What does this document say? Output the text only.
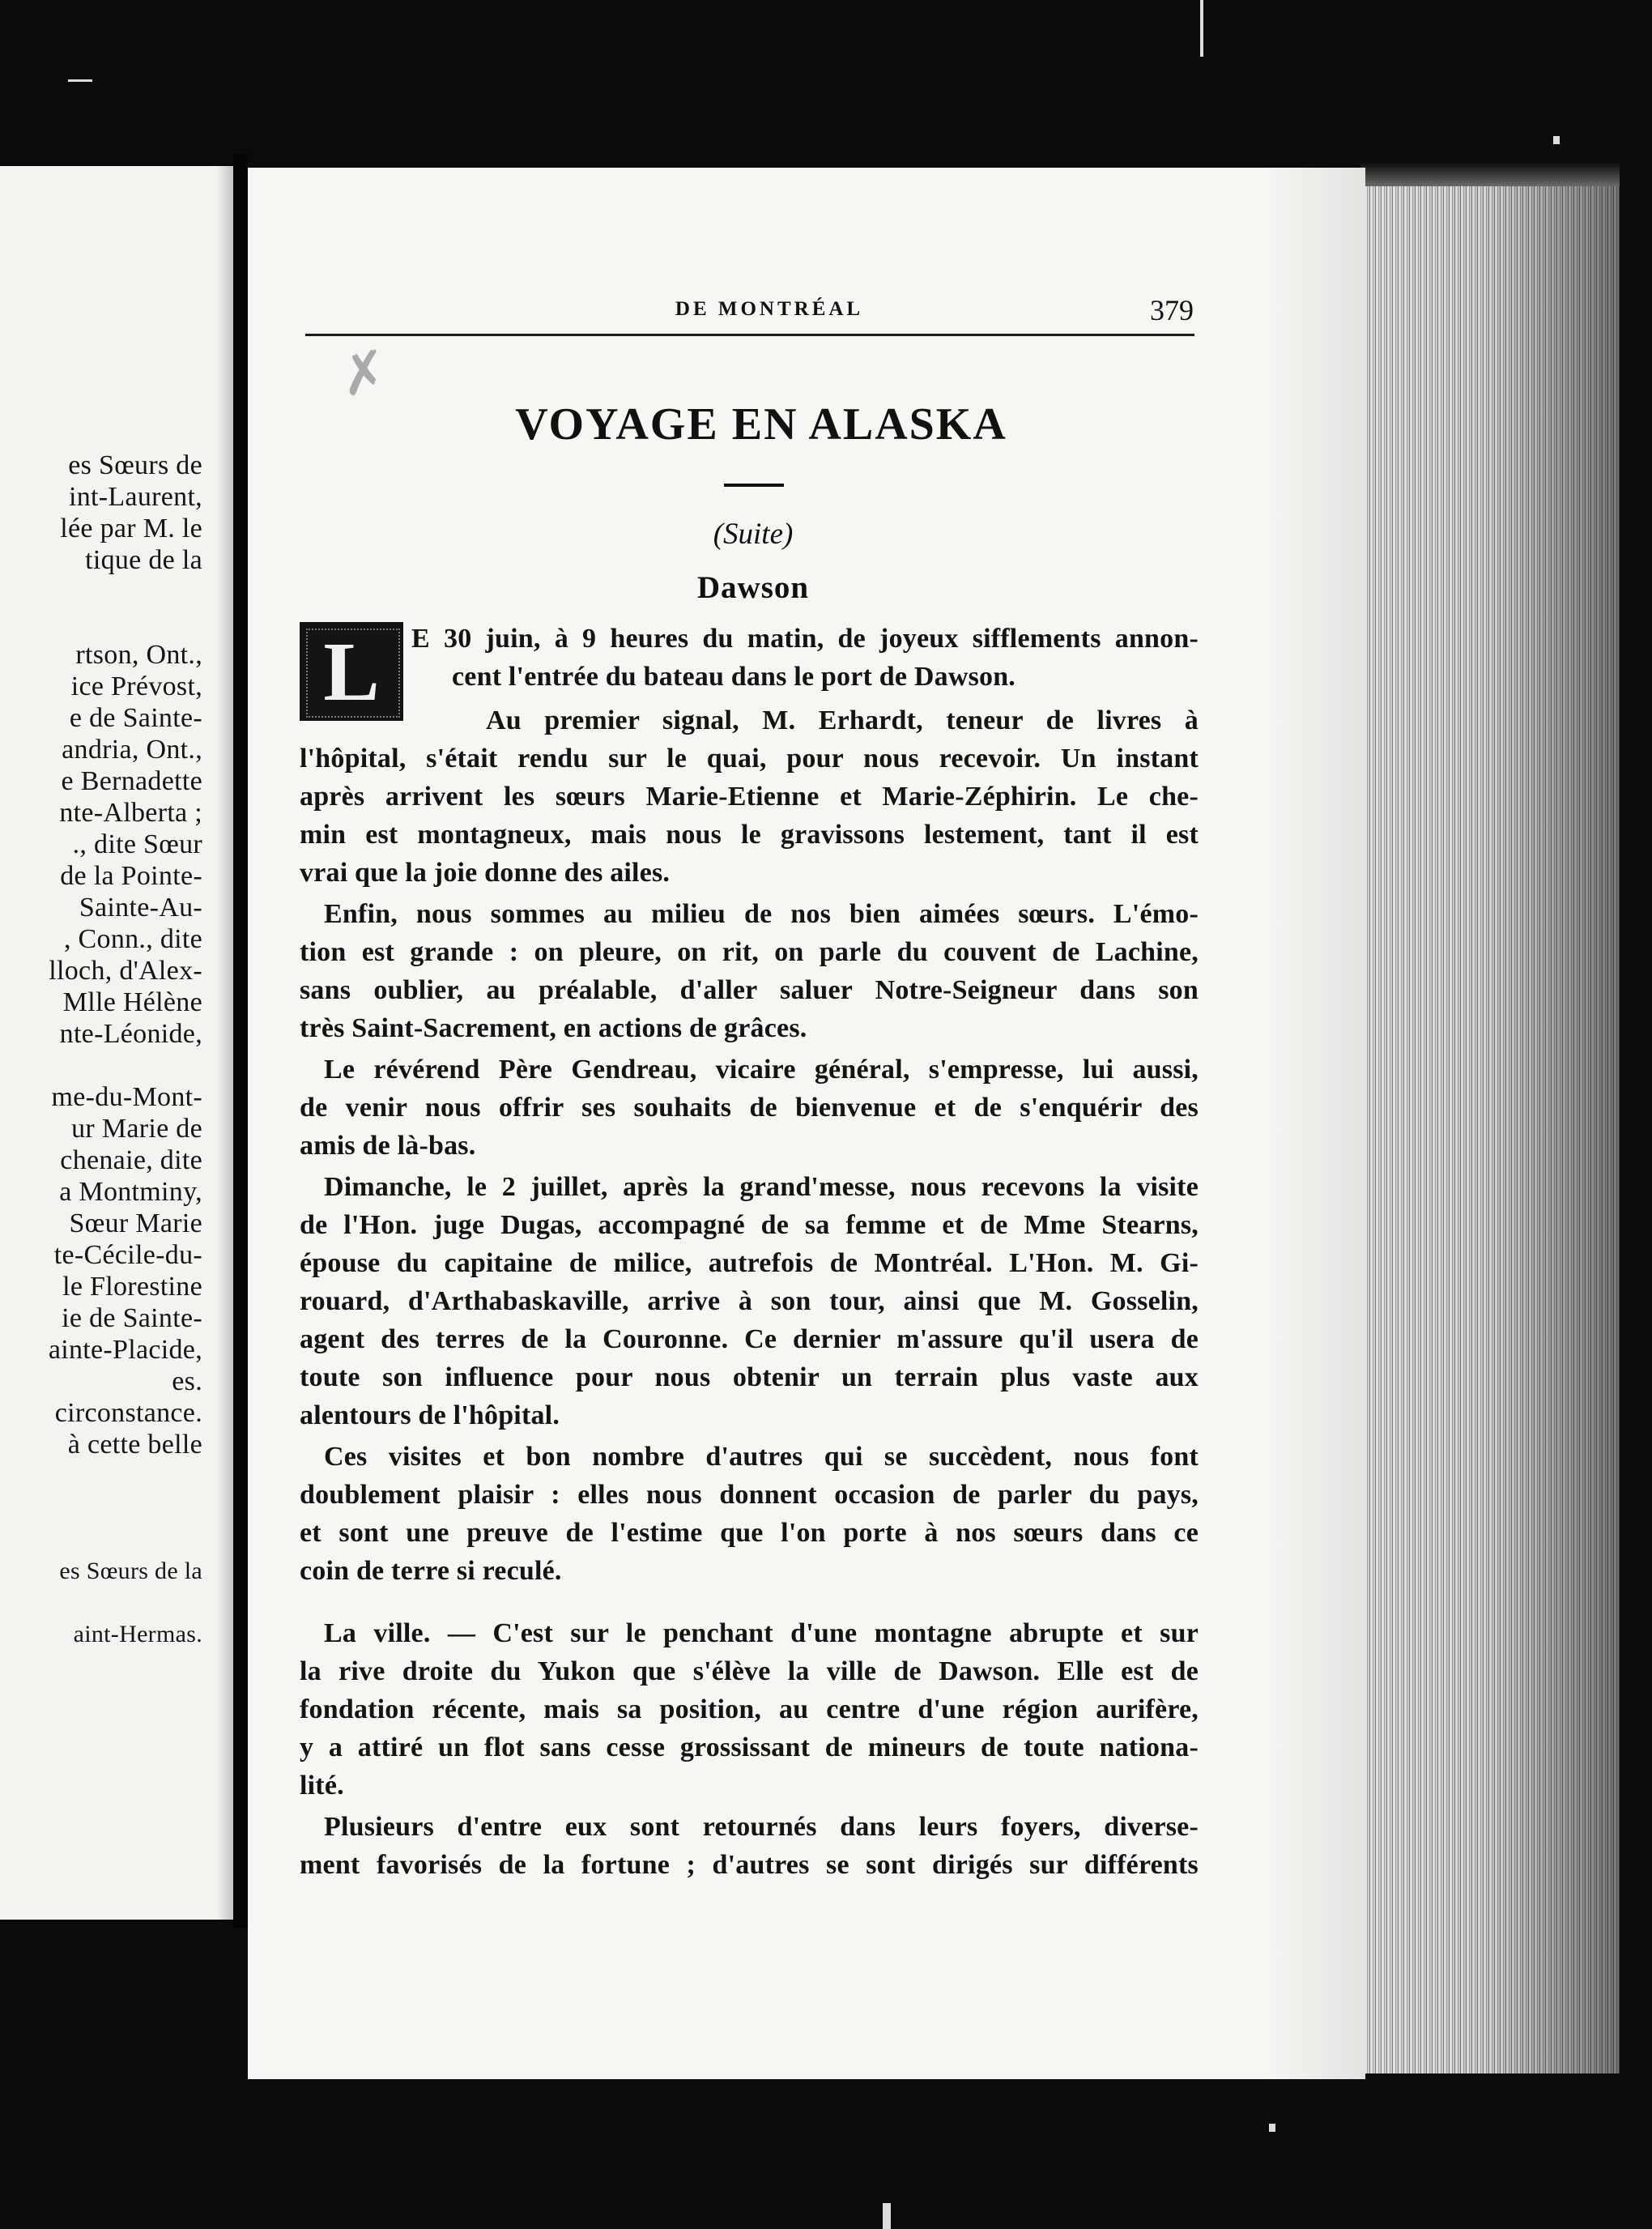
es Sœurs de
int-Laurent,
lée par M. le
tique de la
rtson, Ont.,
ice Prévost,
e de Sainte-
andria, Ont.,
e Bernadette
nte-Alberta ;
., dite Sœur
de la Pointe-
Sainte-Au-
, Conn., dite
lloch, d'Alex-
Mlle Hélène
nte-Léonide,
me-du-Mont-
ur Marie de
chenaie, dite
a Montminy,
Sœur Marie
te-Cécile-du-
le Florestine
ie de Sainte-
ainte-Placide,
es.
circonstance.
à cette belle
es Sœurs de la
aint-Hermas.
✗
DE MONTRÉAL	379
VOYAGE EN ALASKA
(Suite)
Dawson
L	E 30 juin, à 9 heures du matin, de joyeux sifflements annon-
cent l'entrée du bateau dans le port de Dawson.
Au premier signal, M. Erhardt, teneur de livres à
l'hôpital, s'était rendu sur le quai, pour nous recevoir. Un instant
après arrivent les sœurs Marie-Etienne et Marie-Zéphirin. Le che-
min est montagneux, mais nous le gravissons lestement, tant il est
vrai que la joie donne des ailes.
Enfin, nous sommes au milieu de nos bien aimées sœurs. L'émo-
tion est grande : on pleure, on rit, on parle du couvent de Lachine,
sans oublier, au préalable, d'aller saluer Notre-Seigneur dans son
très Saint-Sacrement, en actions de grâces.
Le révérend Père Gendreau, vicaire général, s'empresse, lui aussi,
de venir nous offrir ses souhaits de bienvenue et de s'enquérir des
amis de là-bas.
Dimanche, le 2 juillet, après la grand'messe, nous recevons la visite
de l'Hon. juge Dugas, accompagné de sa femme et de Mme Stearns,
épouse du capitaine de milice, autrefois de Montréal. L'Hon. M. Gi-
rouard, d'Arthabaskaville, arrive à son tour, ainsi que M. Gosselin,
agent des terres de la Couronne. Ce dernier m'assure qu'il usera de
toute son influence pour nous obtenir un terrain plus vaste aux
alentours de l'hôpital.
Ces visites et bon nombre d'autres qui se succèdent, nous font
doublement plaisir : elles nous donnent occasion de parler du pays,
et sont une preuve de l'estime que l'on porte à nos sœurs dans ce
coin de terre si reculé.
La ville. — C'est sur le penchant d'une montagne abrupte et sur
la rive droite du Yukon que s'élève la ville de Dawson. Elle est de
fondation récente, mais sa position, au centre d'une région aurifère,
y a attiré un flot sans cesse grossissant de mineurs de toute nationa-
lité.
Plusieurs d'entre eux sont retournés dans leurs foyers, diverse-
ment favorisés de la fortune ; d'autres se sont dirigés sur différents
